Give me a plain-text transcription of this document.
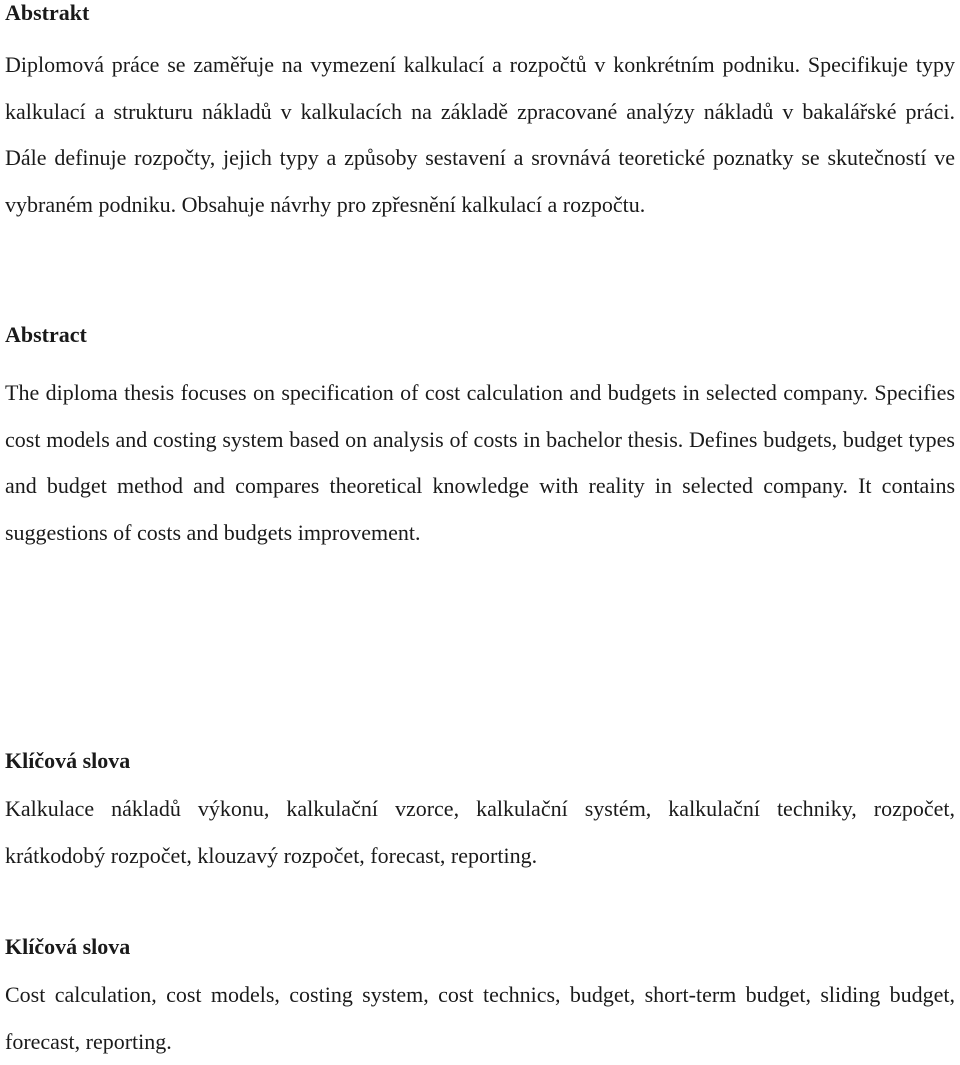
Abstrakt

Diplomová práce se zaměřuje na vymezení kalkulací a rozpočtů v konkrétním podniku. Specifikuje typy kalkulací a strukturu nákladů v kalkulacích na základě zpracované analýzy nákladů v bakalářské práci. Dále definuje rozpočty, jejich typy a způsoby sestavení a srovnává teoretické poznatky se skutečností ve vybraném podniku. Obsahuje návrhy pro zpřesnění kalkulací a rozpočtu.

Abstract

The diploma thesis focuses on specification of cost calculation and budgets in selected company. Specifies cost models and costing system based on analysis of costs in bachelor thesis. Defines budgets, budget types and budget method and compares theoretical knowledge with reality in selected company. It contains suggestions of costs and budgets improvement.

Klíčová slova

Kalkulace nákladů výkonu, kalkulační vzorce, kalkulační systém, kalkulační techniky, rozpočet, krátkodobý rozpočet, klouzavý rozpočet, forecast, reporting.

Klíčová slova

Cost calculation, cost models, costing system, cost technics, budget, short-term budget, sliding budget, forecast, reporting.
